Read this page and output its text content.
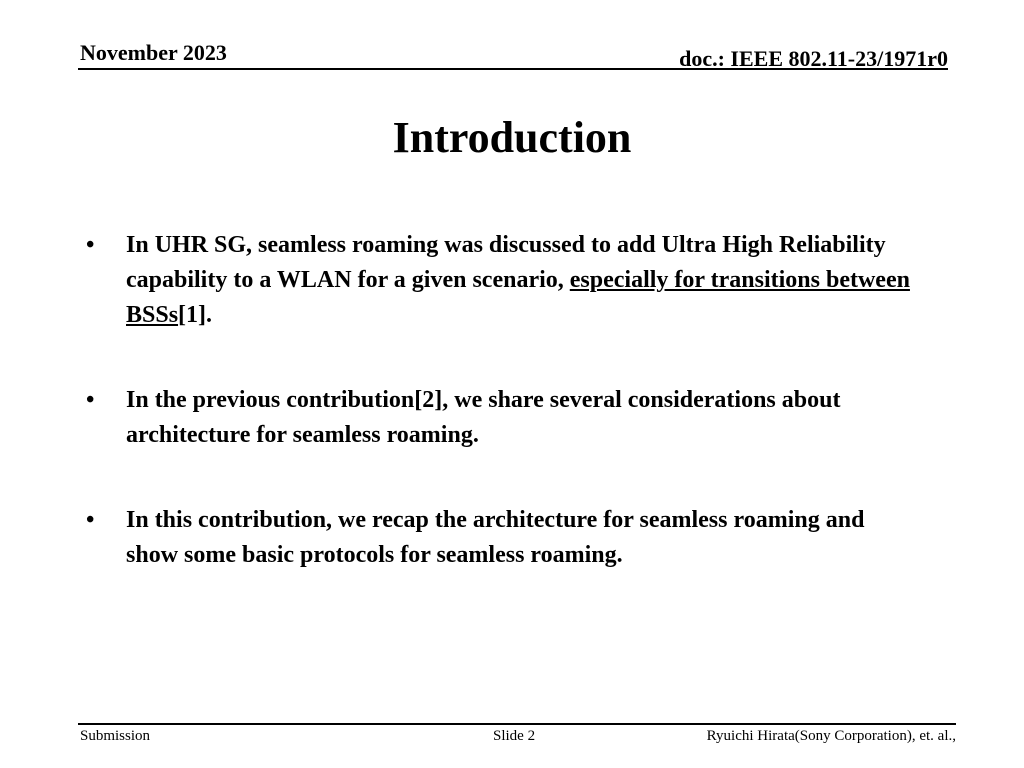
November 2023	doc.: IEEE 802.11-23/1971r0
Introduction
• In UHR SG, seamless roaming was discussed to add Ultra High Reliability capability to a WLAN for a given scenario, especially for transitions between BSSs[1].
• In the previous contribution[2], we share several considerations about architecture for seamless roaming.
• In this contribution, we recap the architecture for seamless roaming and show some basic protocols for seamless roaming.
Submission	Slide 2	Ryuichi Hirata(Sony Corporation), et. al.,
